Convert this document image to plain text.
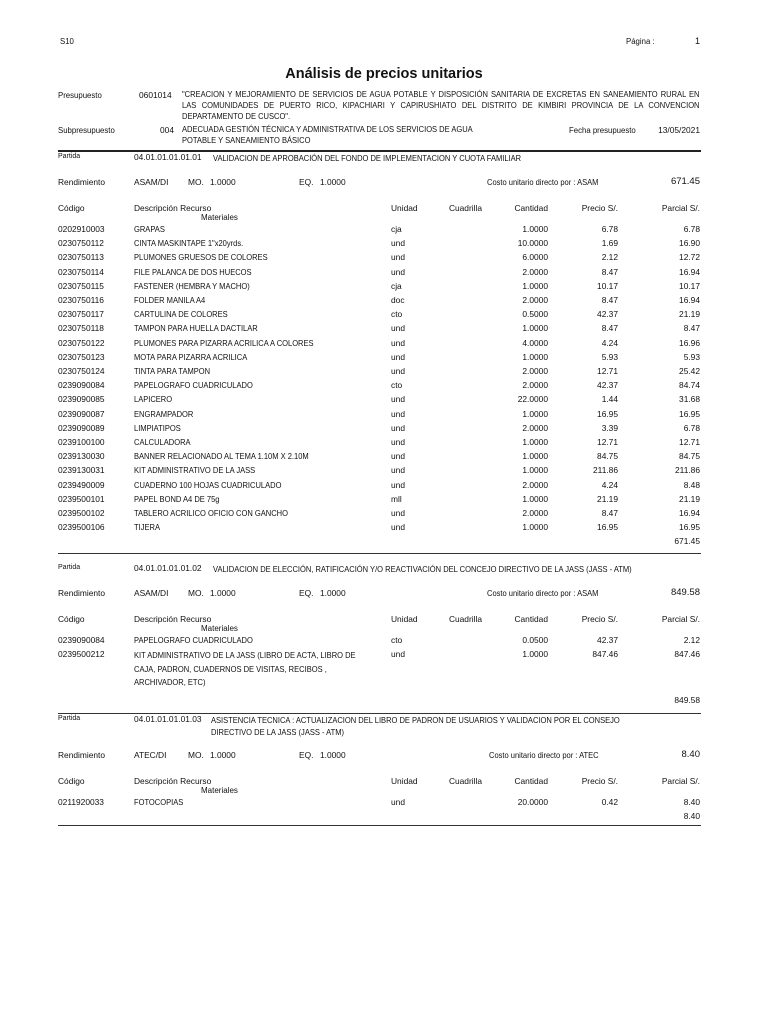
S10	Página :	1
Análisis de precios unitarios
Presupuesto	0601014 "CREACION Y MEJORAMIENTO DE SERVICIOS DE AGUA POTABLE Y DISPOSICIÓN SANITARIA DE EXCRETAS EN SANEAMIENTO RURAL EN LAS COMUNIDADES DE PUERTO RICO, KIPACHIARI Y CAPIRUSHIATO DEL DISTRITO DE KIMBIRI PROVINCIA DE LA CONVENCION DEPARTAMENTO DE CUSCO".
Subpresupuesto	004 ADECUADA GESTIÓN TÉCNICA Y ADMINISTRATIVA DE LOS SERVICIOS DE AGUA POTABLE Y SANEAMIENTO BÁSICO
Fecha presupuesto	13/05/2021
Partida	04.01.01.01.01.01 VALIDACION DE APROBACIÓN DEL FONDO DE IMPLEMENTACION Y CUOTA FAMILIAR
Rendimiento	ASAM/DI MO. 1.0000	EQ. 1.0000	Costo unitario directo por : ASAM	671.45
Código	Descripción Recurso	Unidad	Cuadrilla	Cantidad	Precio S/.	Parcial S/.
Materiales
0202910003	GRAPAS	cja	1.0000	6.78	6.78
0230750112	CINTA MASKINTAPE 1"x20yrds.	und	10.0000	1.69	16.90
0230750113	PLUMONES GRUESOS DE COLORES	und	6.0000	2.12	12.72
0230750114	FILE PALANCA DE DOS HUECOS	und	2.0000	8.47	16.94
0230750115	FASTENER (HEMBRA Y MACHO)	cja	1.0000	10.17	10.17
0230750116	FOLDER MANILA A4	doc	2.0000	8.47	16.94
0230750117	CARTULINA DE COLORES	cto	0.5000	42.37	21.19
0230750118	TAMPON PARA HUELLA DACTILAR	und	1.0000	8.47	8.47
0230750122	PLUMONES PARA PIZARRA ACRILICA A COLORES	und	4.0000	4.24	16.96
0230750123	MOTA PARA PIZARRA ACRILICA	und	1.0000	5.93	5.93
0230750124	TINTA PARA TAMPON	und	2.0000	12.71	25.42
0239090084	PAPELOGRAFO CUADRICULADO	cto	2.0000	42.37	84.74
0239090085	LAPICERO	und	22.0000	1.44	31.68
0239090087	ENGRAMPADOR	und	1.0000	16.95	16.95
0239090089	LIMPIATIPOS	und	2.0000	3.39	6.78
0239100100	CALCULADORA	und	1.0000	12.71	12.71
0239130030	BANNER RELACIONADO AL TEMA 1.10M X 2.10M	und	1.0000	84.75	84.75
0239130031	KIT ADMINISTRATIVO DE LA JASS	und	1.0000	211.86	211.86
0239490009	CUADERNO 100 HOJAS CUADRICULADO	und	2.0000	4.24	8.48
0239500101	PAPEL BOND A4 DE 75g	mll	1.0000	21.19	21.19
0239500102	TABLERO ACRILICO OFICIO CON GANCHO	und	2.0000	8.47	16.94
0239500106	TIJERA	und	1.0000	16.95	16.95
671.45
Partida	04.01.01.01.01.02 VALIDACION DE ELECCIÓN, RATIFICACIÓN Y/O REACTIVACIÓN DEL CONCEJO DIRECTIVO DE LA JASS (JASS - ATM)
Rendimiento	ASAM/DI MO. 1.0000	EQ. 1.0000	Costo unitario directo por : ASAM	849.58
Código	Descripción Recurso	Unidad	Cuadrilla	Cantidad	Precio S/.	Parcial S/.
Materiales
0239090084	PAPELOGRAFO CUADRICULADO	cto	0.0500	42.37	2.12
0239500212	KIT ADMINISTRATIVO DE LA JASS (LIBRO DE ACTA, LIBRO DE CAJA, PADRON, CUADERNOS DE VISITAS, RECIBOS , ARCHIVADOR, ETC)
und	1.0000	847.46	847.46
849.58
Partida	04.01.01.01.01.03 ASISTENCIA TECNICA : ACTUALIZACION DEL LIBRO DE PADRON DE USUARIOS Y VALIDACION POR EL CONSEJO DIRECTIVO DE LA JASS (JASS - ATM)
Rendimiento	ATEC/DI	MO. 1.0000	EQ. 1.0000	Costo unitario directo por : ATEC	8.40
Código	Descripción Recurso	Unidad	Cuadrilla	Cantidad	Precio S/.	Parcial S/.
Materiales
0211920033	FOTOCOPIAS	und	20.0000	0.42	8.40
8.40
